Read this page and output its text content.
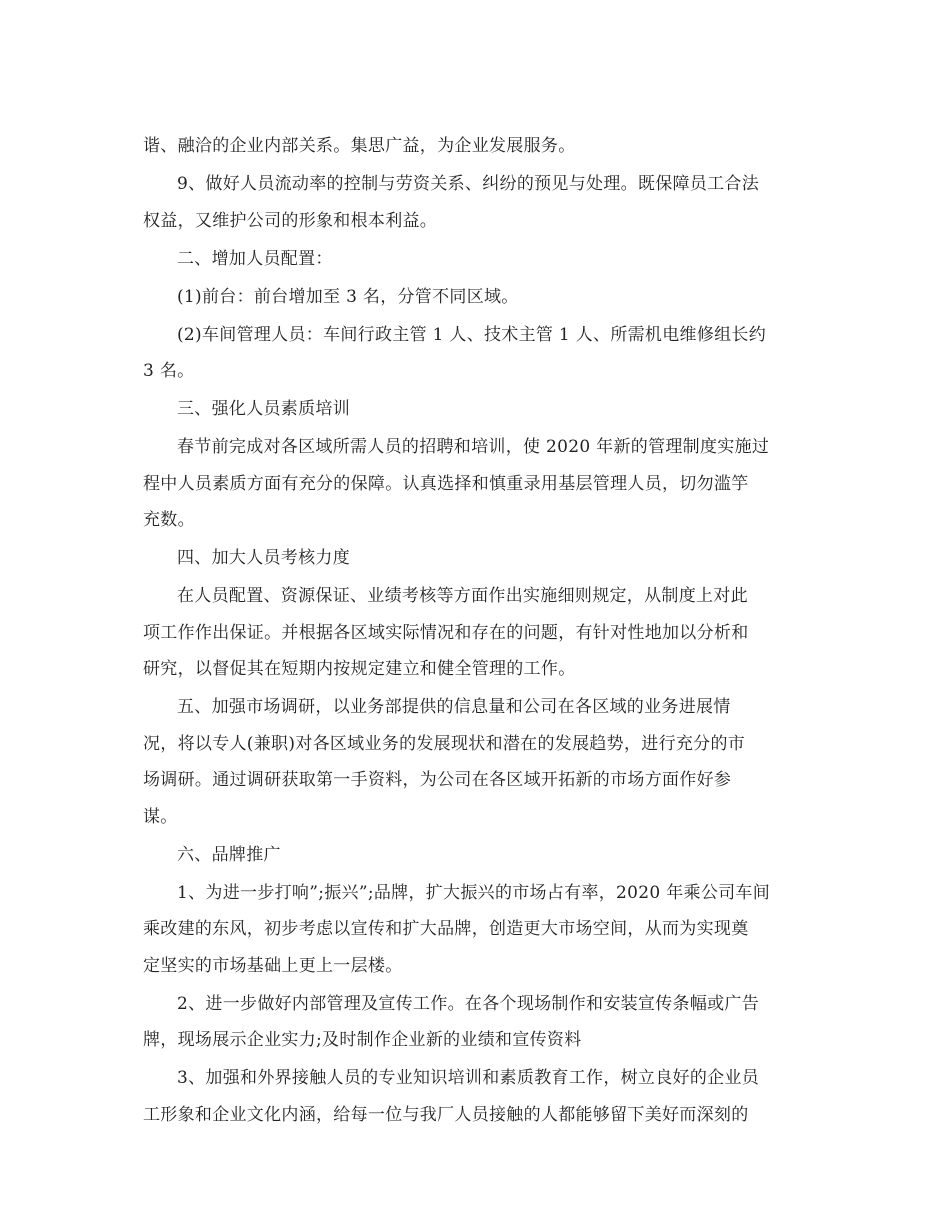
谐、融洽的企业内部关系。集思广益，为企业发展服务。
9、做好人员流动率的控制与劳资关系、纠纷的预见与处理。既保障员工合法
权益，又维护公司的形象和根本利益。
二、增加人员配置：
(1)前台：前台增加至 3 名，分管不同区域。
(2)车间管理人员：车间行政主管 1 人、技术主管 1 人、所需机电维修组长约
3 名。
三、强化人员素质培训
春节前完成对各区域所需人员的招聘和培训，使 2020 年新的管理制度实施过
程中人员素质方面有充分的保障。认真选择和慎重录用基层管理人员，切勿滥竽
充数。
四、加大人员考核力度
在人员配置、资源保证、业绩考核等方面作出实施细则规定，从制度上对此
项工作作出保证。并根据各区域实际情况和存在的问题，有针对性地加以分析和
研究，以督促其在短期内按规定建立和健全管理的工作。
五、加强市场调研，以业务部提供的信息量和公司在各区域的业务进展情
况，将以专人(兼职)对各区域业务的发展现状和潜在的发展趋势，进行充分的市
场调研。通过调研获取第一手资料，为公司在各区域开拓新的市场方面作好参
谋。
六、品牌推广
1、为进一步打响”;振兴”;品牌，扩大振兴的市场占有率，2020 年乘公司车间
乘改建的东风，初步考虑以宣传和扩大品牌，创造更大市场空间，从而为实现奠
定坚实的市场基础上更上一层楼。
2、进一步做好内部管理及宣传工作。在各个现场制作和安装宣传条幅或广告
牌，现场展示企业实力;及时制作企业新的业绩和宣传资料
3、加强和外界接触人员的专业知识培训和素质教育工作，树立良好的企业员
工形象和企业文化内涵，给每一位与我厂人员接触的人都能够留下美好而深刻的
